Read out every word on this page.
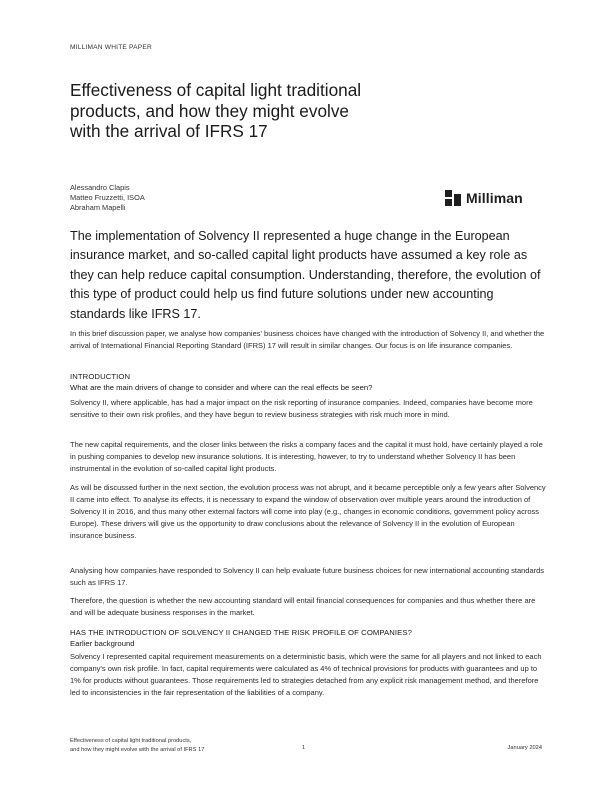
MILLIMAN WHITE PAPER
Effectiveness of capital light traditional products, and how they might evolve with the arrival of IFRS 17
Alessandro Clapis
Matteo Fruzzetti, ISOA
Abraham Mapelli
Milliman

The implementation of Solvency II represented a huge change in the European insurance market, and so-called capital light products have assumed a key role as they can help reduce capital consumption. Understanding, therefore, the evolution of this type of product could help us find future solutions under new accounting standards like IFRS 17.

In this brief discussion paper, we analyse how companies' business choices have changed with the introduction of Solvency II, and whether the arrival of International Financial Reporting Standard (IFRS) 17 will result in similar changes. Our focus is on life insurance companies.

INTRODUCTION
What are the main drivers of change to consider and where can the real effects be seen?

Solvency II, where applicable, has had a major impact on the risk reporting of insurance companies. Indeed, companies have become more sensitive to their own risk profiles, and they have begun to review business strategies with risk much more in mind.

The new capital requirements, and the closer links between the risks a company faces and the capital it must hold, have certainly played a role in pushing companies to develop new insurance solutions. It is interesting, however, to try to understand whether Solvency II has been instrumental in the evolution of so-called capital light products.

As will be discussed further in the next section, the evolution process was not abrupt, and it became perceptible only a few years after Solvency II came into effect. To analyse its effects, it is necessary to expand the window of observation over multiple years around the introduction of Solvency II in 2016, and thus many other external factors will come into play (e.g., changes in economic conditions, government policy across Europe). These drivers will give us the opportunity to draw conclusions about the relevance of Solvency II in the evolution of European insurance business.

Analysing how companies have responded to Solvency II can help evaluate future business choices for new international accounting standards such as IFRS 17.

Therefore, the question is whether the new accounting standard will entail financial consequences for companies and thus whether there are and will be adequate business responses in the market.

HAS THE INTRODUCTION OF SOLVENCY II CHANGED THE RISK PROFILE OF COMPANIES?
Earlier background

Solvency I represented capital requirement measurements on a deterministic basis, which were the same for all players and not linked to each company's own risk profile. In fact, capital requirements were calculated as 4% of technical provisions for products with guarantees and up to 1% for products without guarantees. Those requirements led to strategies detached from any explicit risk management method, and therefore led to inconsistencies in the fair representation of the liabilities of a company.

Effectiveness of capital light traditional products,
and how they might evolve with the arrival of IFRS 17	1	January 2024
